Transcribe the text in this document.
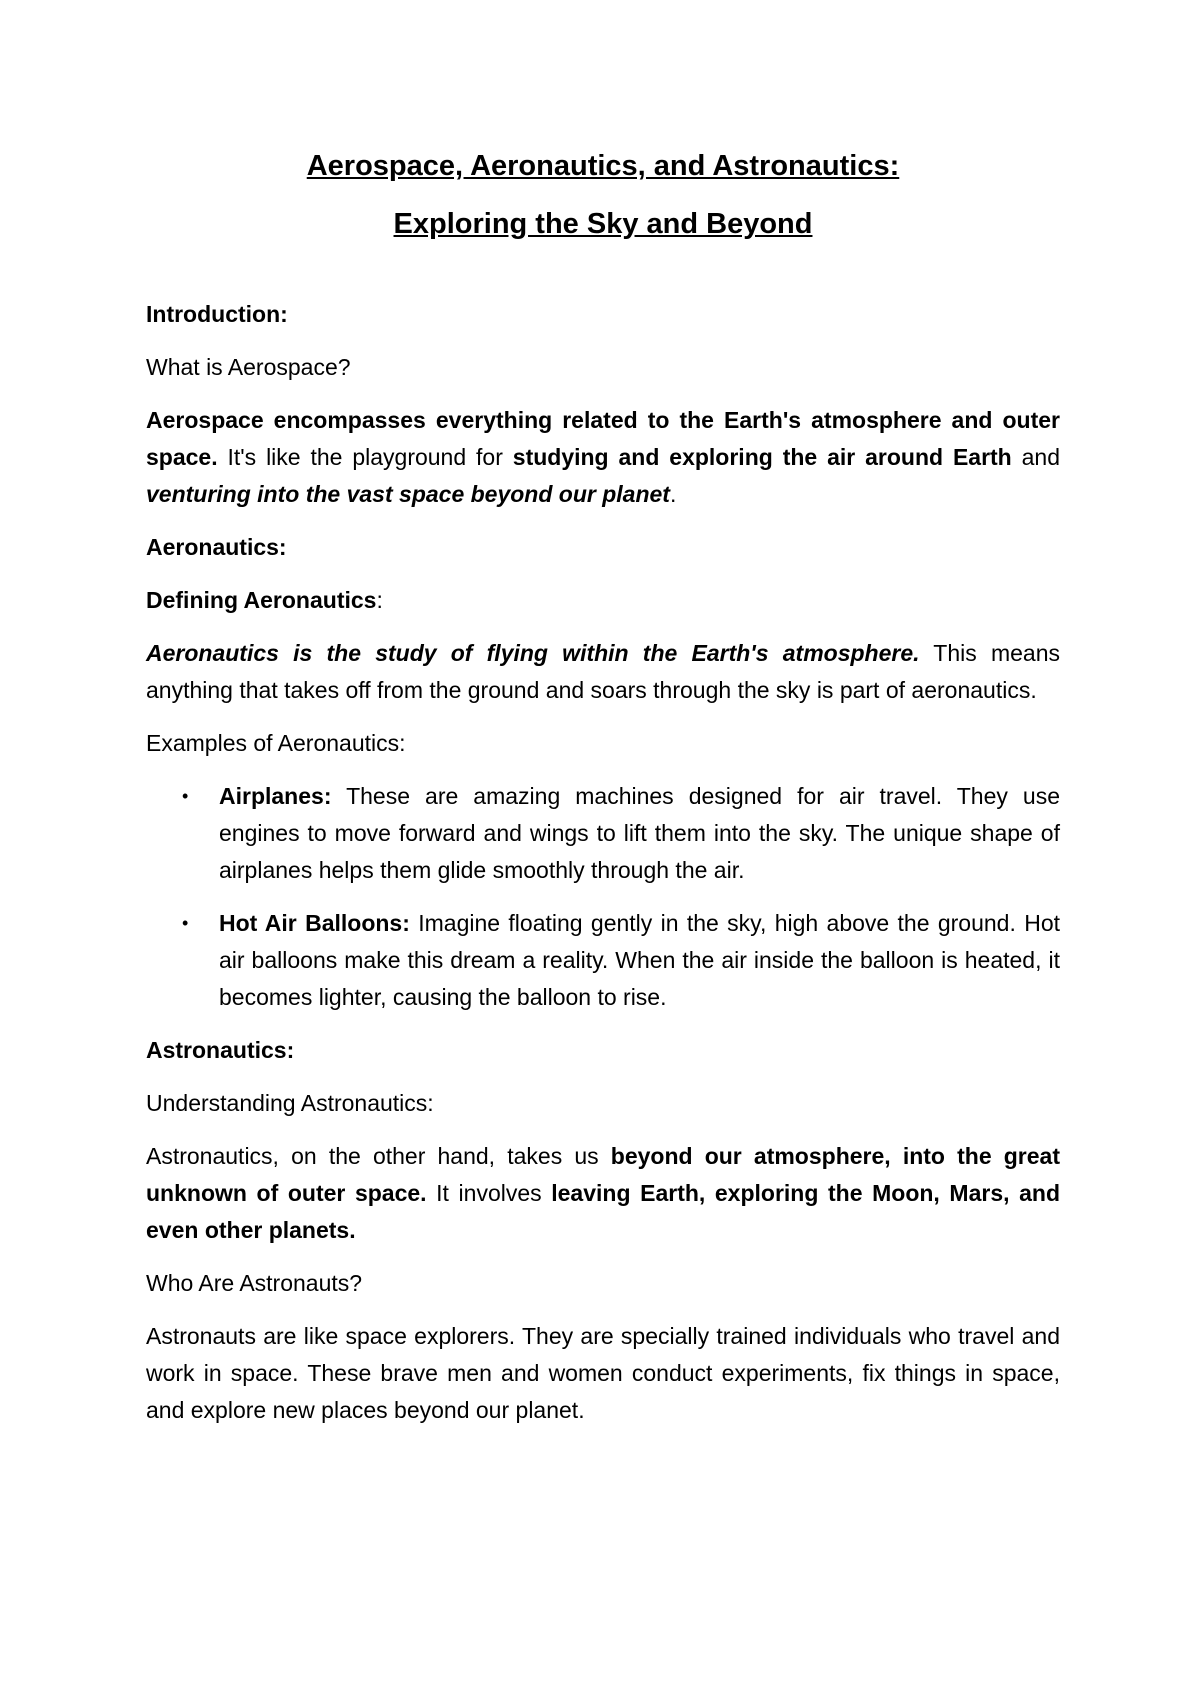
Aerospace, Aeronautics, and Astronautics:
Exploring the Sky and Beyond

Introduction:

What is Aerospace?

Aerospace encompasses everything related to the Earth's atmosphere and outer space. It's like the playground for studying and exploring the air around Earth and venturing into the vast space beyond our planet.

Aeronautics:

Defining Aeronautics:

Aeronautics is the study of flying within the Earth's atmosphere. This means anything that takes off from the ground and soars through the sky is part of aeronautics.

Examples of Aeronautics:

• Airplanes: These are amazing machines designed for air travel. They use engines to move forward and wings to lift them into the sky. The unique shape of airplanes helps them glide smoothly through the air.
• Hot Air Balloons: Imagine floating gently in the sky, high above the ground. Hot air balloons make this dream a reality. When the air inside the balloon is heated, it becomes lighter, causing the balloon to rise.

Astronautics:

Understanding Astronautics:

Astronautics, on the other hand, takes us beyond our atmosphere, into the great unknown of outer space. It involves leaving Earth, exploring the Moon, Mars, and even other planets.

Who Are Astronauts?

Astronauts are like space explorers. They are specially trained individuals who travel and work in space. These brave men and women conduct experiments, fix things in space, and explore new places beyond our planet.
